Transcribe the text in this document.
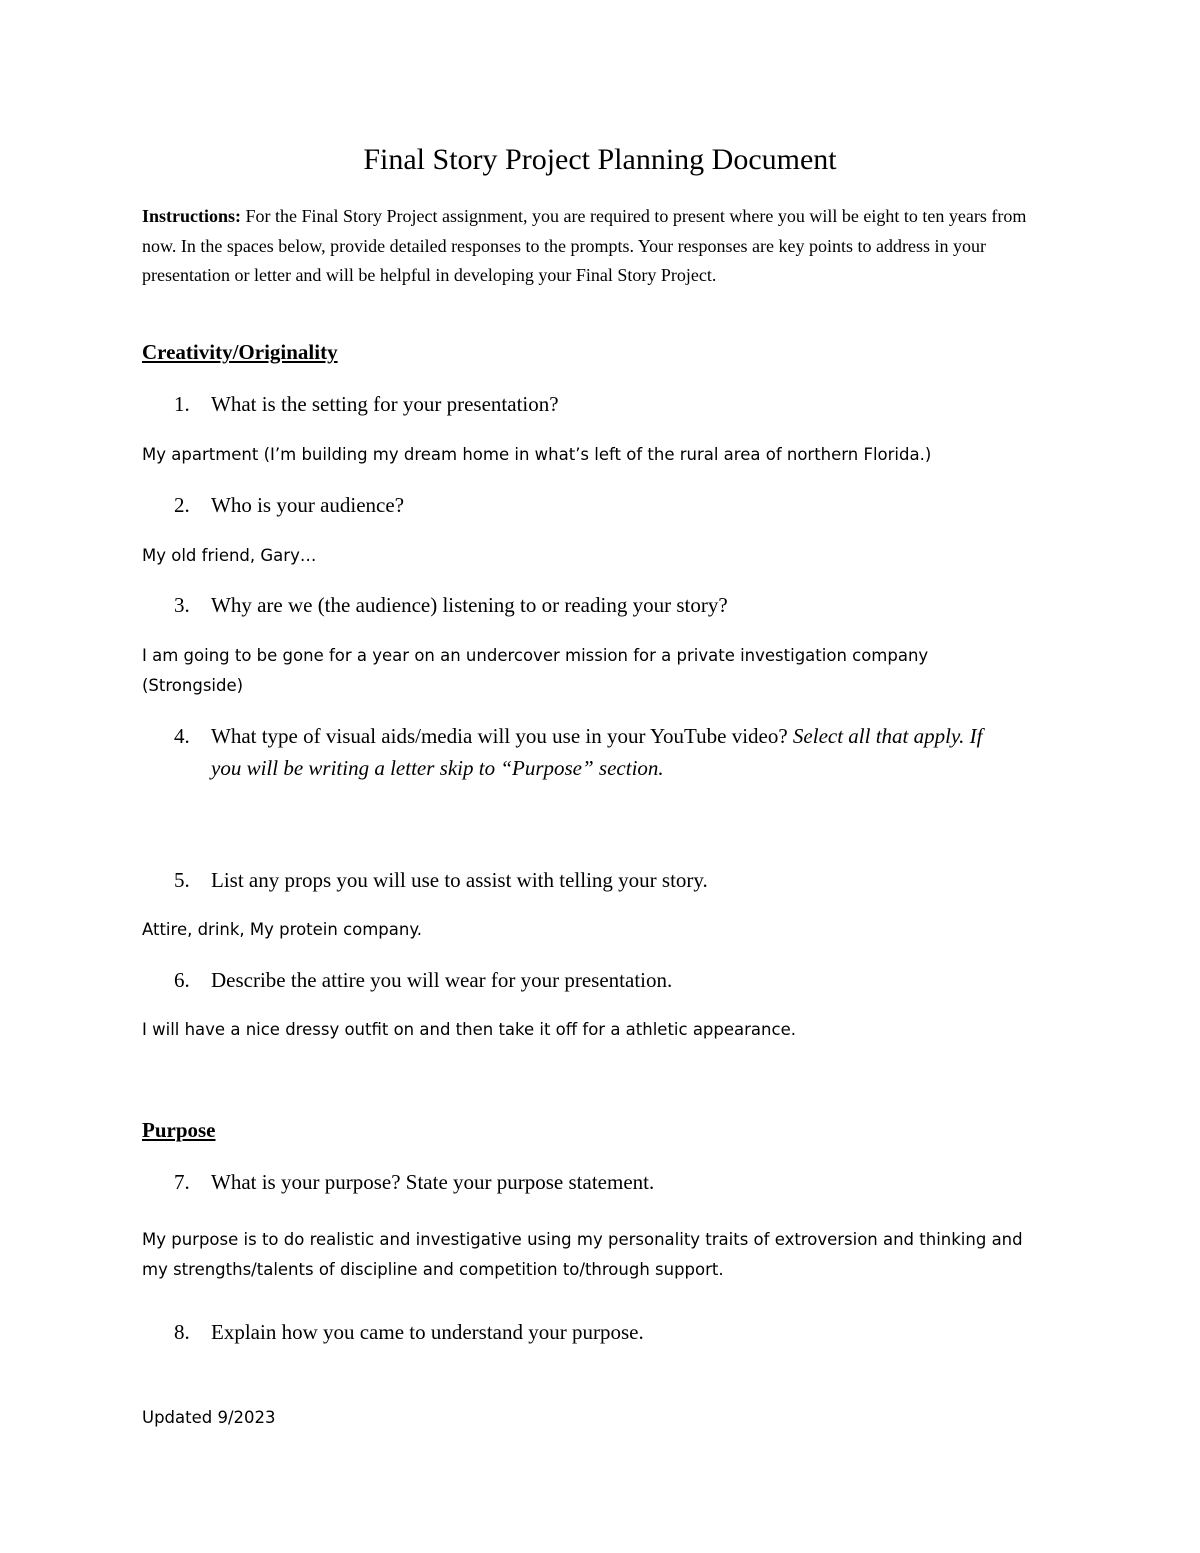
Final Story Project Planning Document
Instructions: For the Final Story Project assignment, you are required to present where you will be eight to ten years from now. In the spaces below, provide detailed responses to the prompts. Your responses are key points to address in your presentation or letter and will be helpful in developing your Final Story Project.
Creativity/Originality
1. What is the setting for your presentation?
My apartment (I’m building my dream home in what’s left of the rural area of northern Florida.)
2. Who is your audience?
My old friend, Gary…
3. Why are we (the audience) listening to or reading your story?
I am going to be gone for a year on an undercover mission for a private investigation company (Strongside)
4. What type of visual aids/media will you use in your YouTube video? Select all that apply. If you will be writing a letter skip to “Purpose” section.
5. List any props you will use to assist with telling your story.
Attire, drink, My protein company.
6. Describe the attire you will wear for your presentation.
I will have a nice dressy outfit on and then take it off for a athletic appearance.
Purpose
7. What is your purpose? State your purpose statement.
My purpose is to do realistic and investigative using my personality traits of extroversion and thinking and my strengths/talents of discipline and competition to/through support.
8. Explain how you came to understand your purpose.
Updated 9/2023
